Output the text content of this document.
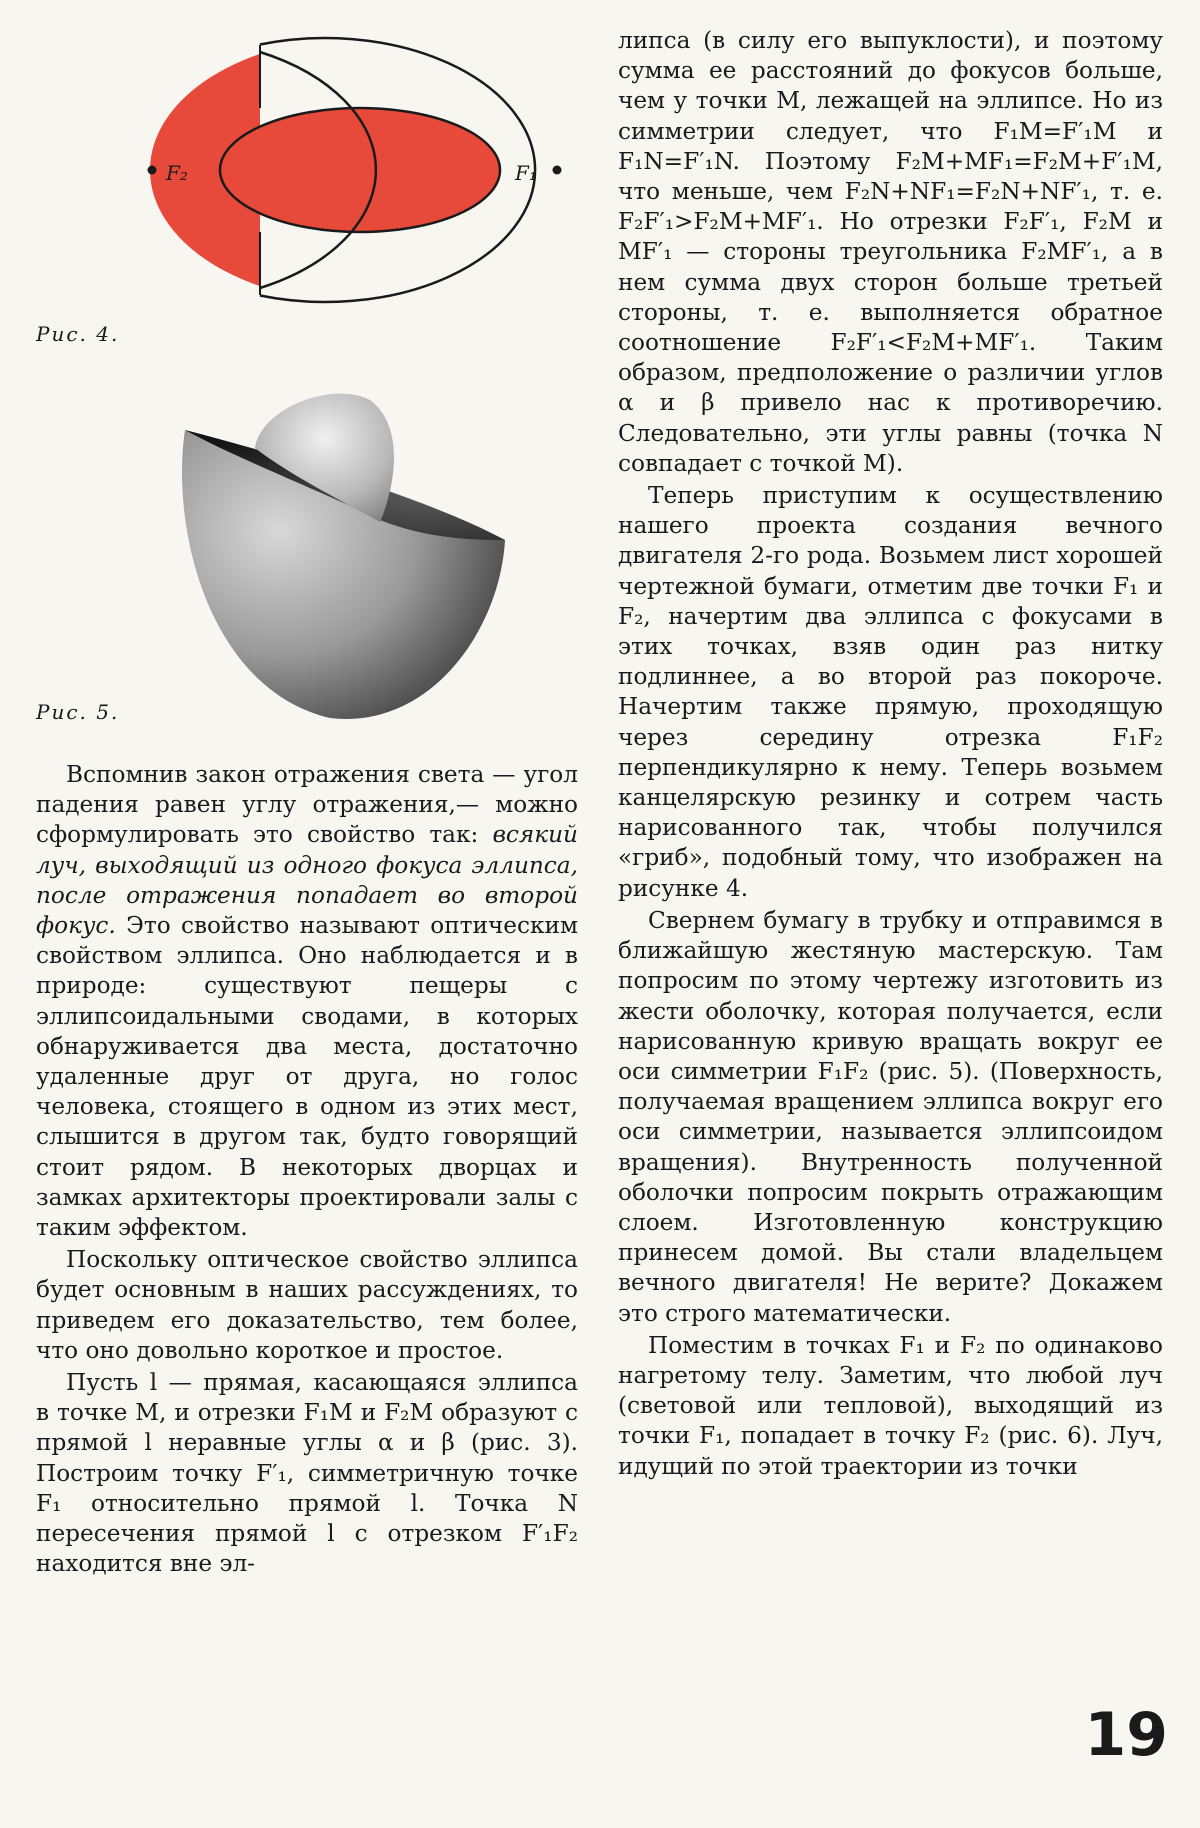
F₂	F₁
Рис. 4.
Рис. 5.

Вспомнив закон отражения света — угол падения равен углу отражения,— можно сформулировать это свойство так: всякий луч, выходящий из одного фокуса эллипса, после отражения попадает во второй фокус. Это свойство называют оптическим свойством эллипса. Оно наблюдается и в природе: существуют пещеры с эллипсоидальными сводами, в которых обнаруживается два места, достаточно удаленные друг от друга, но голос человека, стоящего в одном из этих мест, слышится в другом так, будто говорящий стоит рядом. В некоторых дворцах и замках архитекторы проектировали залы с таким эффектом.

Поскольку оптическое свойство эллипса будет основным в наших рассуждениях, то приведем его доказательство, тем более, что оно довольно короткое и простое.

Пусть l — прямая, касающаяся эллипса в точке M, и отрезки F₁M и F₂M образуют с прямой l неравные углы α и β (рис. 3). Построим точку F′₁, симметричную точке F₁ относительно прямой l. Точка N пересечения прямой l с отрезком F′₁F₂ находится вне эл-

липса (в силу его выпуклости), и поэтому сумма ее расстояний до фокусов больше, чем у точки M, лежащей на эллипсе. Но из симметрии следует, что F₁M=F′₁M и F₁N=F′₁N. Поэтому F₂M+MF₁=F₂M+F′₁M, что меньше, чем F₂N+NF₁=F₂N+NF′₁, т. е. F₂F′₁>F₂M+MF′₁. Но отрезки F₂F′₁, F₂M и MF′₁ — стороны треугольника F₂MF′₁, а в нем сумма двух сторон больше третьей стороны, т. е. выполняется обратное соотношение F₂F′₁<F₂M+MF′₁. Таким образом, предположение о различии углов α и β привело нас к противоречию. Следовательно, эти углы равны (точка N совпадает с точкой M).

Теперь приступим к осуществлению нашего проекта создания вечного двигателя 2-го рода. Возьмем лист хорошей чертежной бумаги, отметим две точки F₁ и F₂, начертим два эллипса с фокусами в этих точках, взяв один раз нитку подлиннее, а во второй раз покороче. Начертим также прямую, проходящую через середину отрезка F₁F₂ перпендикулярно к нему. Теперь возьмем канцелярскую резинку и сотрем часть нарисованного так, чтобы получился «гриб», подобный тому, что изображен на рисунке 4.

Свернем бумагу в трубку и отправимся в ближайшую жестяную мастерскую. Там попросим по этому чертежу изготовить из жести оболочку, которая получается, если нарисованную кривую вращать вокруг ее оси симметрии F₁F₂ (рис. 5). (Поверхность, получаемая вращением эллипса вокруг его оси симметрии, называется эллипсоидом вращения). Внутренность полученной оболочки попросим покрыть отражающим слоем. Изготовленную конструкцию принесем домой. Вы стали владельцем вечного двигателя! Не верите? Докажем это строго математически.

Поместим в точках F₁ и F₂ по одинаково нагретому телу. Заметим, что любой луч (световой или тепловой), выходящий из точки F₁, попадает в точку F₂ (рис. 6). Луч, идущий по этой траектории из точки

19
